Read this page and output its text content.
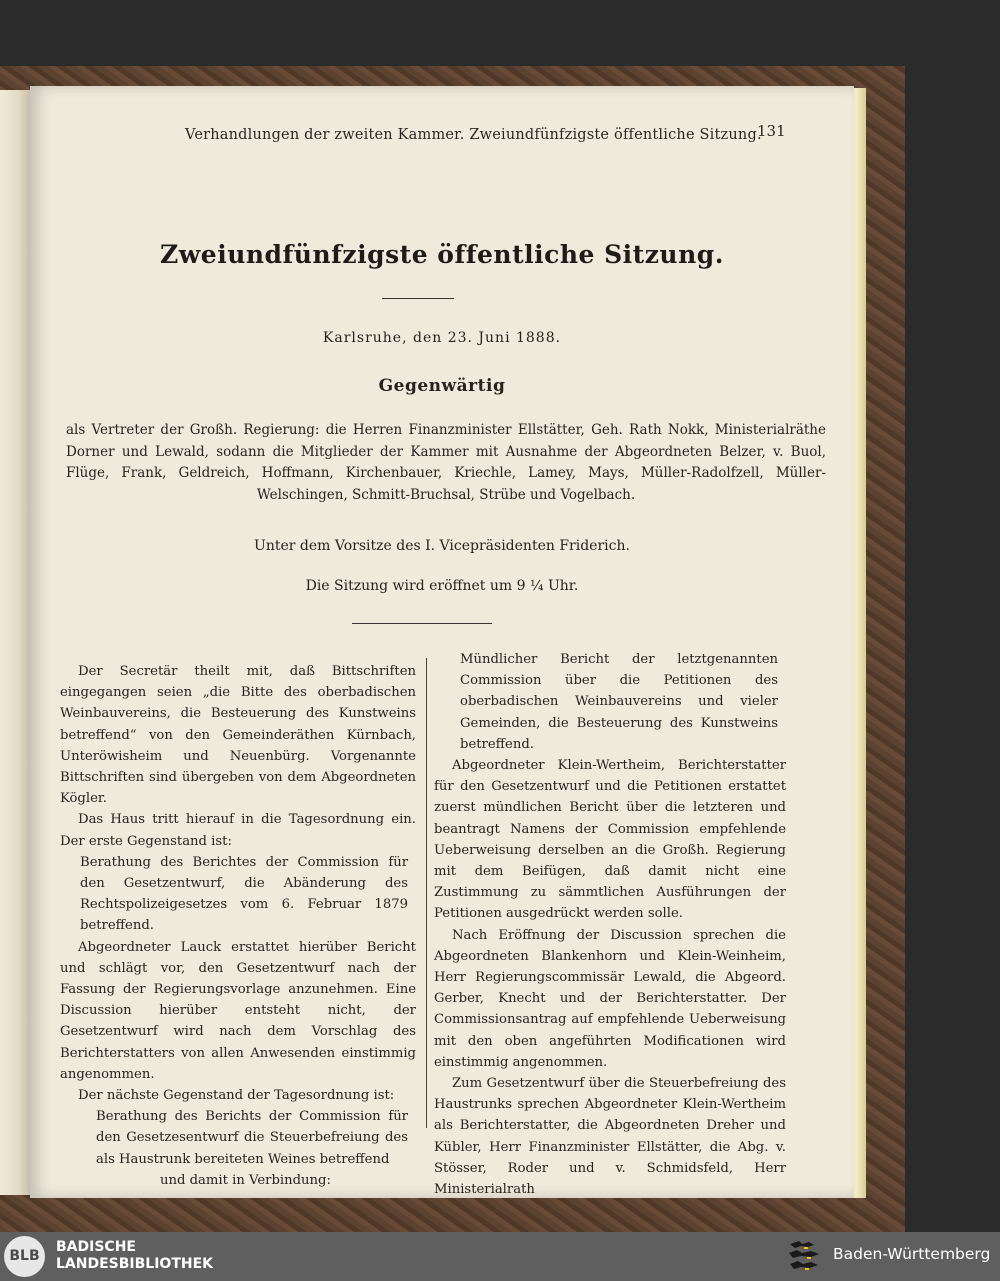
Verhandlungen der zweiten Kammer. Zweiundfünfzigste öffentliche Sitzung.
131
Zweiundfünfzigste öffentliche Sitzung.
Karlsruhe, den 23. Juni 1888.
Gegenwärtig
als Vertreter der Großh. Regierung: die Herren Finanzminister Ellstätter, Geh. Rath Nokk, Ministerialräthe Dorner und Lewald, sodann die Mitglieder der Kammer mit Ausnahme der Abgeordneten Belzer, v. Buol, Flüge, Frank, Geldreich, Hoffmann, Kirchenbauer, Kriechle, Lamey, Mays, Müller-Radolfzell, Müller-Welschingen, Schmitt-Bruchsal, Strübe und Vogelbach.
Unter dem Vorsitze des I. Vicepräsidenten Friderich.
Die Sitzung wird eröffnet um 9 ¼ Uhr.

Der Secretär theilt mit, daß Bittschriften eingegangen seien „die Bitte des oberbadischen Weinbauvereins, die Besteuerung des Kunstweins betreffend“ von den Gemeinderäthen Kürnbach, Unteröwisheim und Neuenbürg. Vorgenannte Bittschriften sind übergeben von dem Abgeordneten Kögler.

Das Haus tritt hierauf in die Tagesordnung ein. Der erste Gegenstand ist:

Berathung des Berichtes der Commission für den Gesetzentwurf, die Abänderung des Rechtspolizeigesetzes vom 6. Februar 1879 betreffend.

Abgeordneter Lauck erstattet hierüber Bericht und schlägt vor, den Gesetzentwurf nach der Fassung der Regierungsvorlage anzunehmen. Eine Discussion hierüber entsteht nicht, der Gesetzentwurf wird nach dem Vorschlag des Berichterstatters von allen Anwesenden einstimmig angenommen.

Der nächste Gegenstand der Tagesordnung ist:

Berathung des Berichts der Commission für den Gesetzesentwurf die Steuerbefreiung des als Haustrunk bereiteten Weines betreffend

und damit in Verbindung:

Mündlicher Bericht der letztgenannten Commission über die Petitionen des oberbadischen Weinbauvereins und vieler Gemeinden, die Besteuerung des Kunstweins betreffend.

Abgeordneter Klein-Wertheim, Berichterstatter für den Gesetzentwurf und die Petitionen erstattet zuerst mündlichen Bericht über die letzteren und beantragt Namens der Commission empfehlende Ueberweisung derselben an die Großh. Regierung mit dem Beifügen, daß damit nicht eine Zustimmung zu sämmtlichen Ausführungen der Petitionen ausgedrückt werden solle.

Nach Eröffnung der Discussion sprechen die Abgeordneten Blankenhorn und Klein-Weinheim, Herr Regierungscommissär Lewald, die Abgeord. Gerber, Knecht und der Berichterstatter. Der Commissionsantrag auf empfehlende Ueberweisung mit den oben angeführten Modificationen wird einstimmig angenommen.

Zum Gesetzentwurf über die Steuerbefreiung des Haustrunks sprechen Abgeordneter Klein-Wertheim als Berichterstatter, die Abgeordneten Dreher und Kübler, Herr Finanzminister Ellstätter, die Abg. v. Stösser, Roder und v. Schmidsfeld, Herr Ministerialrath

BLB
BADISCHE
LANDESBIBLIOTHEK
Baden-Württemberg
